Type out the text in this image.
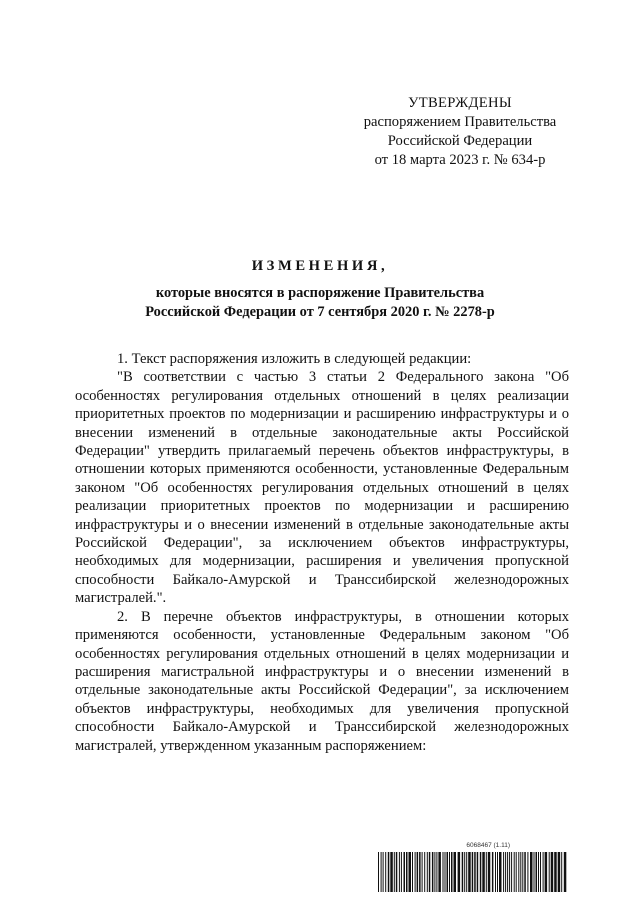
УТВЕРЖДЕНЫ
распоряжением Правительства
Российской Федерации
от 18 марта 2023 г. № 634-р
ИЗМЕНЕНИЯ,
которые вносятся в распоряжение Правительства
Российской Федерации от 7 сентября 2020 г. № 2278-р

1. Текст распоряжения изложить в следующей редакции:

"В соответствии с частью 3 статьи 2 Федерального закона "Об особенностях регулирования отдельных отношений в целях реализации приоритетных проектов по модернизации и расширению инфраструктуры и о внесении изменений в отдельные законодательные акты Российской Федерации" утвердить прилагаемый перечень объектов инфраструктуры, в отношении которых применяются особенности, установленные Федеральным законом "Об особенностях регулирования отдельных отношений в целях реализации приоритетных проектов по модернизации и расширению инфраструктуры и о внесении изменений в отдельные законодательные акты Российской Федерации", за исключением объектов инфраструктуры, необходимых для модернизации, расширения и увеличения пропускной способности Байкало-Амурской и Транссибирской железнодорожных магистралей.".

2. В перечне объектов инфраструктуры, в отношении которых применяются особенности, установленные Федеральным законом "Об особенностях регулирования отдельных отношений в целях модернизации и расширения магистральной инфраструктуры и о внесении изменений в отдельные законодательные акты Российской Федерации", за исключением объектов инфраструктуры, необходимых для увеличения пропускной способности Байкало-Амурской и Транссибирской железнодорожных магистралей, утвержденном указанным распоряжением:

6068467 (1.11)
